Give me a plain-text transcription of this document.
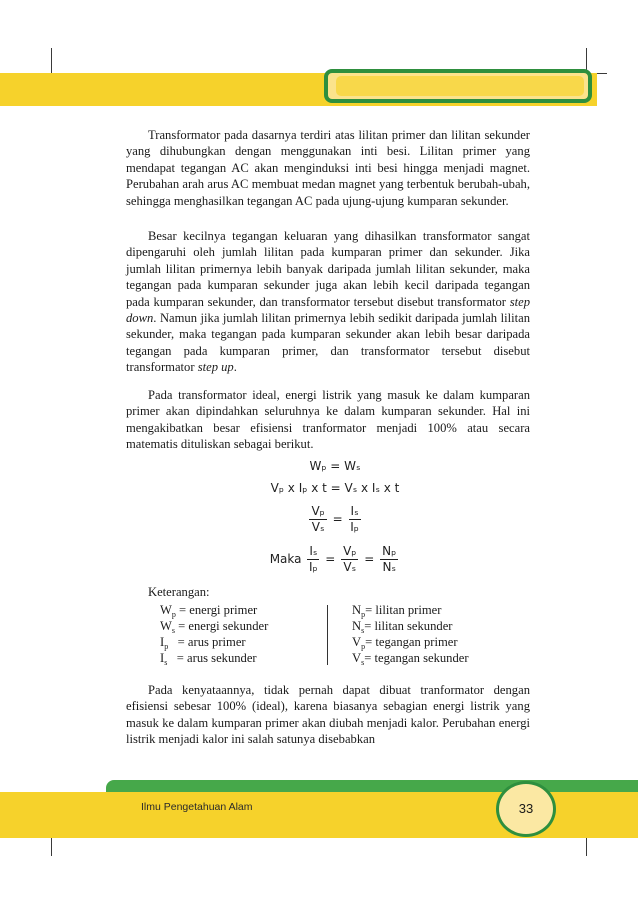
Transformator pada dasarnya terdiri atas lilitan primer dan lilitan sekunder yang dihubungkan dengan menggunakan inti besi. Lilitan primer yang mendapat tegangan AC akan menginduksi inti besi hingga menjadi magnet. Perubahan arah arus AC membuat medan magnet yang terbentuk berubah-ubah, sehingga menghasilkan tegangan AC pada ujung-ujung kumparan sekunder.

Besar kecilnya tegangan keluaran yang dihasilkan transformator sangat dipengaruhi oleh jumlah lilitan pada kumparan primer dan sekunder. Jika jumlah lilitan primernya lebih banyak daripada jumlah lilitan sekunder, maka tegangan pada kumparan sekunder juga akan lebih kecil daripada tegangan pada kumparan sekunder, dan transformator tersebut disebut transformator step down. Namun jika jumlah lilitan primernya lebih sedikit daripada jumlah lilitan sekunder, maka tegangan pada kumparan sekunder akan lebih besar daripada tegangan pada kumparan primer, dan transformator tersebut disebut transformator step up.

Pada transformator ideal, energi listrik yang masuk ke dalam kumparan primer akan dipindahkan seluruhnya ke dalam kumparan sekunder. Hal ini mengakibatkan besar efisiensi tranformator menjadi 100% atau secara matematis dituliskan sebagai berikut.

Wₚ = Wₛ
Vₚ x Iₚ x t = Vₛ x Iₛ x t
$\frac{\text{Vₚ}}{\text{Vₛ}} = \frac{\text{Iₛ}}{\text{Iₚ}}$
Maka $\frac{\text{Iₛ}}{\text{Iₚ}} = \frac{\text{Vₚ}}{\text{Vₛ}} = \frac{\text{Nₚ}}{\text{Nₛ}}$
Keterangan:
$W_p$ = energi primer
$W_s$ = energi sekunder
$I_p$ = arus primer
$I_s$ = arus sekunder
$N_p=$ lilitan primer
$N_s=$ lilitan sekunder
$V_p=$ tegangan primer
$V_s=$ tegangan sekunder

Pada kenyataannya, tidak pernah dapat dibuat tranformator dengan efisiensi sebesar 100% (ideal), karena biasanya sebagian energi listrik yang masuk ke dalam kumparan primer akan diubah menjadi kalor. Perubahan energi listrik menjadi kalor ini salah satunya disebabkan

Ilmu Pengetahuan Alam	33
